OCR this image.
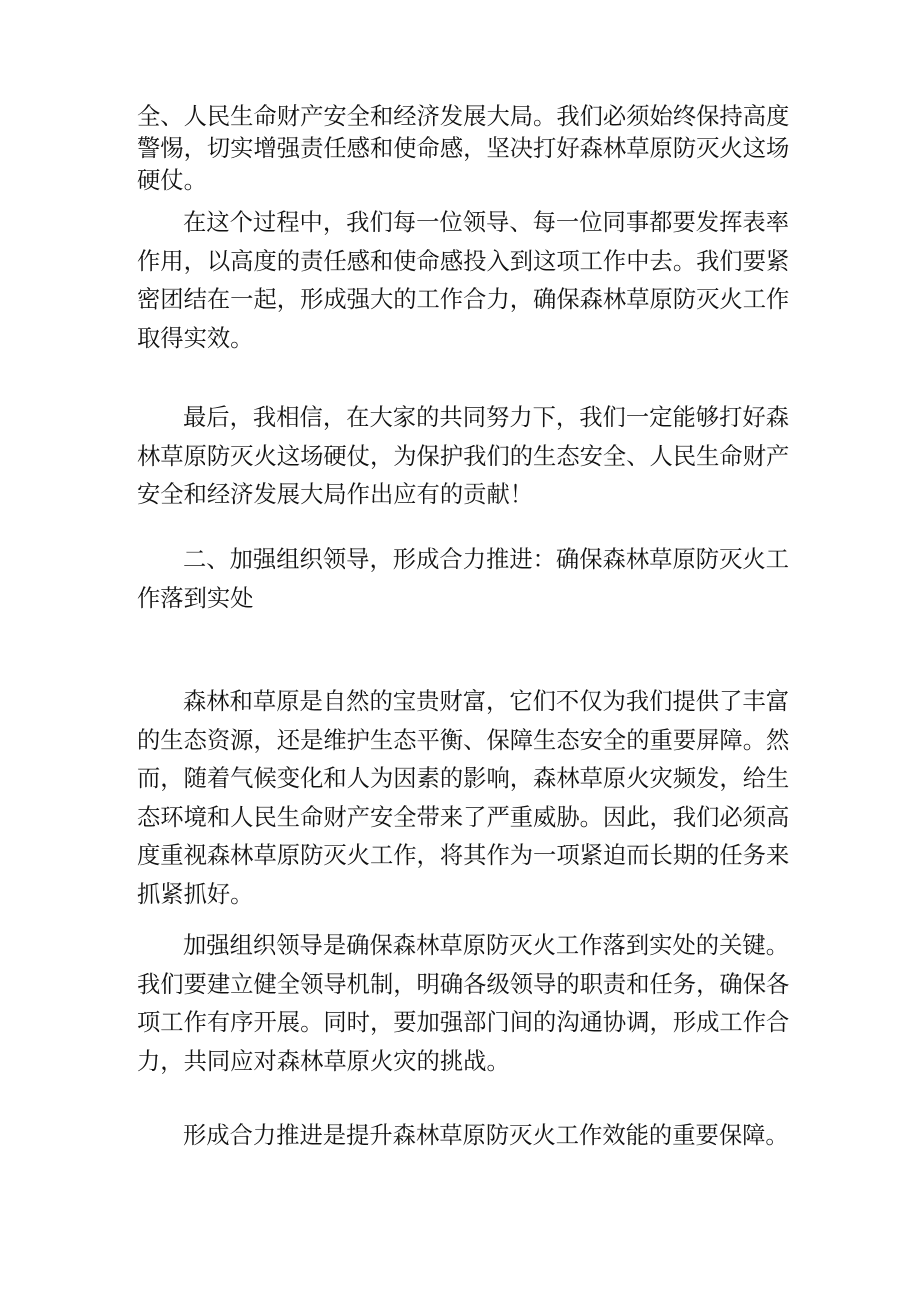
全、人民生命财产安全和经济发展大局。我们必须始终保持高度
警惕，切实增强责任感和使命感，坚决打好森林草原防灭火这场
硬仗。
在这个过程中，我们每一位领导、每一位同事都要发挥表率
作用，以高度的责任感和使命感投入到这项工作中去。我们要紧
密团结在一起，形成强大的工作合力，确保森林草原防灭火工作
取得实效。
最后，我相信，在大家的共同努力下，我们一定能够打好森
林草原防灭火这场硬仗，为保护我们的生态安全、人民生命财产
安全和经济发展大局作出应有的贡献！
二、加强组织领导，形成合力推进：确保森林草原防灭火工
作落到实处
森林和草原是自然的宝贵财富，它们不仅为我们提供了丰富
的生态资源，还是维护生态平衡、保障生态安全的重要屏障。然
而，随着气候变化和人为因素的影响，森林草原火灾频发，给生
态环境和人民生命财产安全带来了严重威胁。因此，我们必须高
度重视森林草原防灭火工作，将其作为一项紧迫而长期的任务来
抓紧抓好。
加强组织领导是确保森林草原防灭火工作落到实处的关键。
我们要建立健全领导机制，明确各级领导的职责和任务，确保各
项工作有序开展。同时，要加强部门间的沟通协调，形成工作合
力，共同应对森林草原火灾的挑战。
形成合力推进是提升森林草原防灭火工作效能的重要保障。
